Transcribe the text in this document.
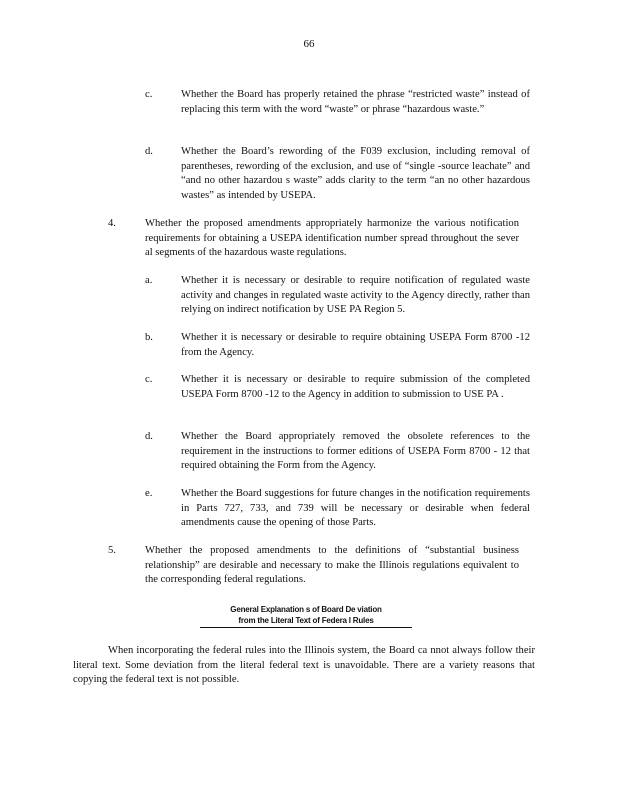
66
c.	Whether the Board has properly retained the phrase “restricted waste” instead of replacing this term with the word “waste” or phrase “hazardous waste.”
d.	Whether the Board’s rewording of the F039 exclusion, including removal of parentheses, rewording of the exclusion, and use of “single -source leachate” and “and no other hazardou s waste” adds clarity to the term “an no other hazardous wastes” as intended by USEPA.
4.	Whether the proposed amendments appropriately harmonize the various notification requirements for obtaining a USEPA identification number spread throughout the sever al segments of the hazardous waste regulations.
a.	Whether it is necessary or desirable to require notification of regulated waste activity and changes in regulated waste activity to the Agency directly, rather than relying on indirect notification by USE PA Region 5.
b.	Whether it is necessary or desirable to require obtaining USEPA Form 8700 -12 from the Agency.
c.	Whether it is necessary or desirable to require submission of the completed USEPA Form 8700 -12 to the Agency in addition to submission to USE PA .
d.	Whether the Board appropriately removed the obsolete references to the requirement in the instructions to former editions of USEPA Form 8700 - 12 that required obtaining the Form from the Agency.
e.	Whether the Board suggestions for future changes in the notification requirements in Parts 727, 733, and 739 will be necessary or desirable when federal amendments cause the opening of those Parts.
5.	Whether the proposed amendments to the definitions of “substantial business relationship” are desirable and necessary to make the Illinois regulations equivalent to the corresponding federal regulations.
General Explanation s of Board De viation
from the Literal Text of Federa l Rules

When incorporating the federal rules into the Illinois system, the Board ca nnot always follow their literal text. Some deviation from the literal federal text is unavoidable. There are a variety reasons that copying the federal text is not possible.
